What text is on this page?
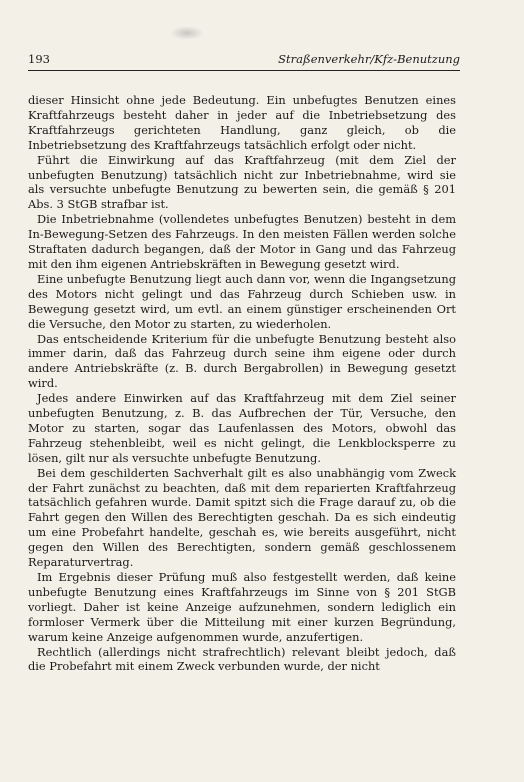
193	Straßenverkehr/Kfz-Benutzung

dieser Hinsicht ohne jede Bedeutung. Ein unbefugtes Benutzen eines Kraftfahrzeugs besteht daher in jeder auf die Inbetriebsetzung des Kraftfahrzeugs gerichteten Handlung, ganz gleich, ob die Inbetriebsetzung des Kraftfahrzeugs tatsächlich erfolgt oder nicht.

Führt die Einwirkung auf das Kraftfahrzeug (mit dem Ziel der unbefugten Benutzung) tatsächlich nicht zur Inbetriebnahme, wird sie als versuchte unbefugte Benutzung zu bewerten sein, die gemäß § 201 Abs. 3 StGB strafbar ist.

Die Inbetriebnahme (vollendetes unbefugtes Benutzen) besteht in dem In-Bewegung-Setzen des Fahrzeugs. In den meisten Fällen werden solche Straftaten dadurch begangen, daß der Motor in Gang und das Fahrzeug mit den ihm eigenen Antriebskräften in Bewegung gesetzt wird.

Eine unbefugte Benutzung liegt auch dann vor, wenn die Ingangsetzung des Motors nicht gelingt und das Fahrzeug durch Schieben usw. in Bewegung gesetzt wird, um evtl. an einem günstiger erscheinenden Ort die Versuche, den Motor zu starten, zu wiederholen.

Das entscheidende Kriterium für die unbefugte Benutzung besteht also immer darin, daß das Fahrzeug durch seine ihm eigene oder durch andere Antriebskräfte (z. B. durch Bergabrollen) in Bewegung gesetzt wird.

Jedes andere Einwirken auf das Kraftfahrzeug mit dem Ziel seiner unbefugten Benutzung, z. B. das Aufbrechen der Tür, Versuche, den Motor zu starten, sogar das Laufenlassen des Motors, obwohl das Fahrzeug stehenbleibt, weil es nicht gelingt, die Lenkblocksperre zu lösen, gilt nur als versuchte unbefugte Benutzung.

Bei dem geschilderten Sachverhalt gilt es also unabhängig vom Zweck der Fahrt zunächst zu beachten, daß mit dem reparierten Kraftfahrzeug tatsächlich gefahren wurde. Damit spitzt sich die Frage darauf zu, ob die Fahrt gegen den Willen des Berechtigten geschah. Da es sich eindeutig um eine Probefahrt handelte, geschah es, wie bereits ausgeführt, nicht gegen den Willen des Berechtigten, sondern gemäß geschlossenem Reparaturvertrag.

Im Ergebnis dieser Prüfung muß also festgestellt werden, daß keine unbefugte Benutzung eines Kraftfahrzeugs im Sinne von § 201 StGB vorliegt. Daher ist keine Anzeige aufzunehmen, sondern lediglich ein formloser Vermerk über die Mitteilung mit einer kurzen Begründung, warum keine Anzeige aufgenommen wurde, anzufertigen.

Rechtlich (allerdings nicht strafrechtlich) relevant bleibt jedoch, daß die Probefahrt mit einem Zweck verbunden wurde, der nicht
